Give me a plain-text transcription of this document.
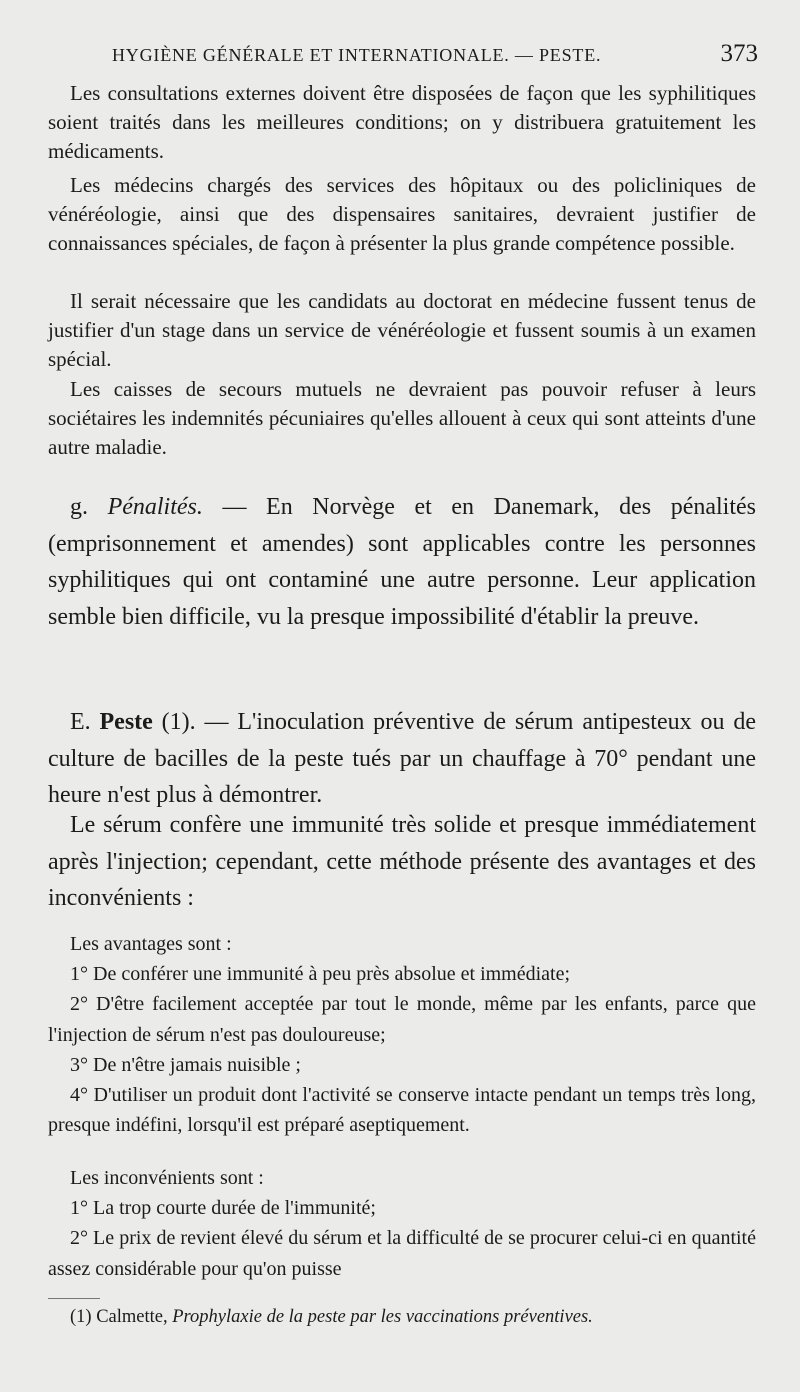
HYGIÈNE GÉNÉRALE ET INTERNATIONALE. — PESTE.	373

Les consultations externes doivent être disposées de façon que les syphilitiques soient traités dans les meilleures conditions; on y distribuera gratuitement les médicaments.

Les médecins chargés des services des hôpitaux ou des policliniques de vénéréologie, ainsi que des dispensaires sanitaires, devraient justifier de connaissances spéciales, de façon à présenter la plus grande compétence possible.

Il serait nécessaire que les candidats au doctorat en médecine fussent tenus de justifier d'un stage dans un service de vénéréologie et fussent soumis à un examen spécial.

Les caisses de secours mutuels ne devraient pas pouvoir refuser à leurs sociétaires les indemnités pécuniaires qu'elles allouent à ceux qui sont atteints d'une autre maladie.

g. Pénalités. — En Norvège et en Danemark, des pénalités (emprisonnement et amendes) sont applicables contre les personnes syphilitiques qui ont contaminé une autre personne. Leur application semble bien difficile, vu la presque impossibilité d'établir la preuve.

E. Peste (1). — L'inoculation préventive de sérum antipesteux ou de culture de bacilles de la peste tués par un chauffage à 70° pendant une heure n'est plus à démontrer.

Le sérum confère une immunité très solide et presque immédiatement après l'injection; cependant, cette méthode présente des avantages et des inconvénients :

Les avantages sont :
1° De conférer une immunité à peu près absolue et immédiate;
2° D'être facilement acceptée par tout le monde, même par les enfants, parce que l'injection de sérum n'est pas douloureuse;
3° De n'être jamais nuisible ;
4° D'utiliser un produit dont l'activité se conserve intacte pendant un temps très long, presque indéfini, lorsqu'il est préparé aseptiquement.
Les inconvénients sont :
1° La trop courte durée de l'immunité;
2° Le prix de revient élevé du sérum et la difficulté de se procurer celui-ci en quantité assez considérable pour qu'on puisse

(1) Calmette, Prophylaxie de la peste par les vaccinations préventives.
